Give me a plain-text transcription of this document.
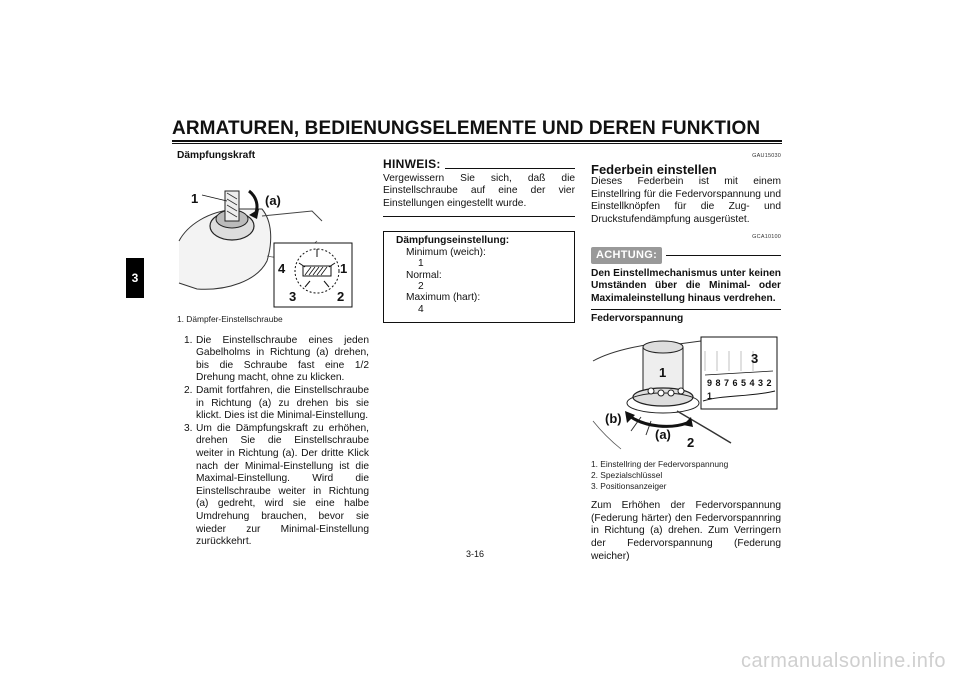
ARMATUREN, BEDIENUNGSELEMENTE UND DEREN FUNKTION
3
Dämpfungskraft
1	(a)
4	1
3	2
1. Dämpfer-Einstellschraube
1. Die Einstellschraube eines jeden Gabelholms in Richtung (a) drehen, bis die Schraube fast eine 1/2 Drehung macht, ohne zu klicken.
2. Damit fortfahren, die Einstellschraube in Richtung (a) zu drehen bis sie klickt. Dies ist die Minimal-Einstellung.
3. Um die Dämpfungskraft zu erhöhen, drehen Sie die Einstellschraube weiter in Richtung (a). Der dritte Klick nach der Minimal-Einstellung ist die Maximal-Einstellung. Wird die Einstellschraube weiter in Richtung (a) gedreht, wird sie eine halbe Umdrehung brauchen, bevor sie wieder zur Minimal-Einstellung zurückkehrt.
HINWEIS:
Vergewissern Sie sich, daß die Einstellschraube auf eine der vier Einstellungen eingestellt wurde.
Dämpfungseinstellung:
Minimum (weich):
1
Normal:
2
Maximum (hart):
4
GAU15030
Federbein einstellen
Dieses Federbein ist mit einem Einstellring für die Federvorspannung und Einstellknöpfen für die Zug- und Druckstufendämpfung ausgerüstet.
GCA10100
ACHTUNG:
Den Einstellmechanismus unter keinen Umständen über die Minimal- oder Maximaleinstellung hinaus verdrehen.
Federvorspannung
9 8 7 6 5 4 3 2 1
1
3
(b)
(a)
2
1. Einstellring der Federvorspannung
2. Spezialschlüssel
3. Positionsanzeiger
Zum Erhöhen der Federvorspannung (Federung härter) den Federvorspannring in Richtung (a) drehen. Zum Verringern der Federvorspannung (Federung weicher)
3-16
carmanualsonline.info
